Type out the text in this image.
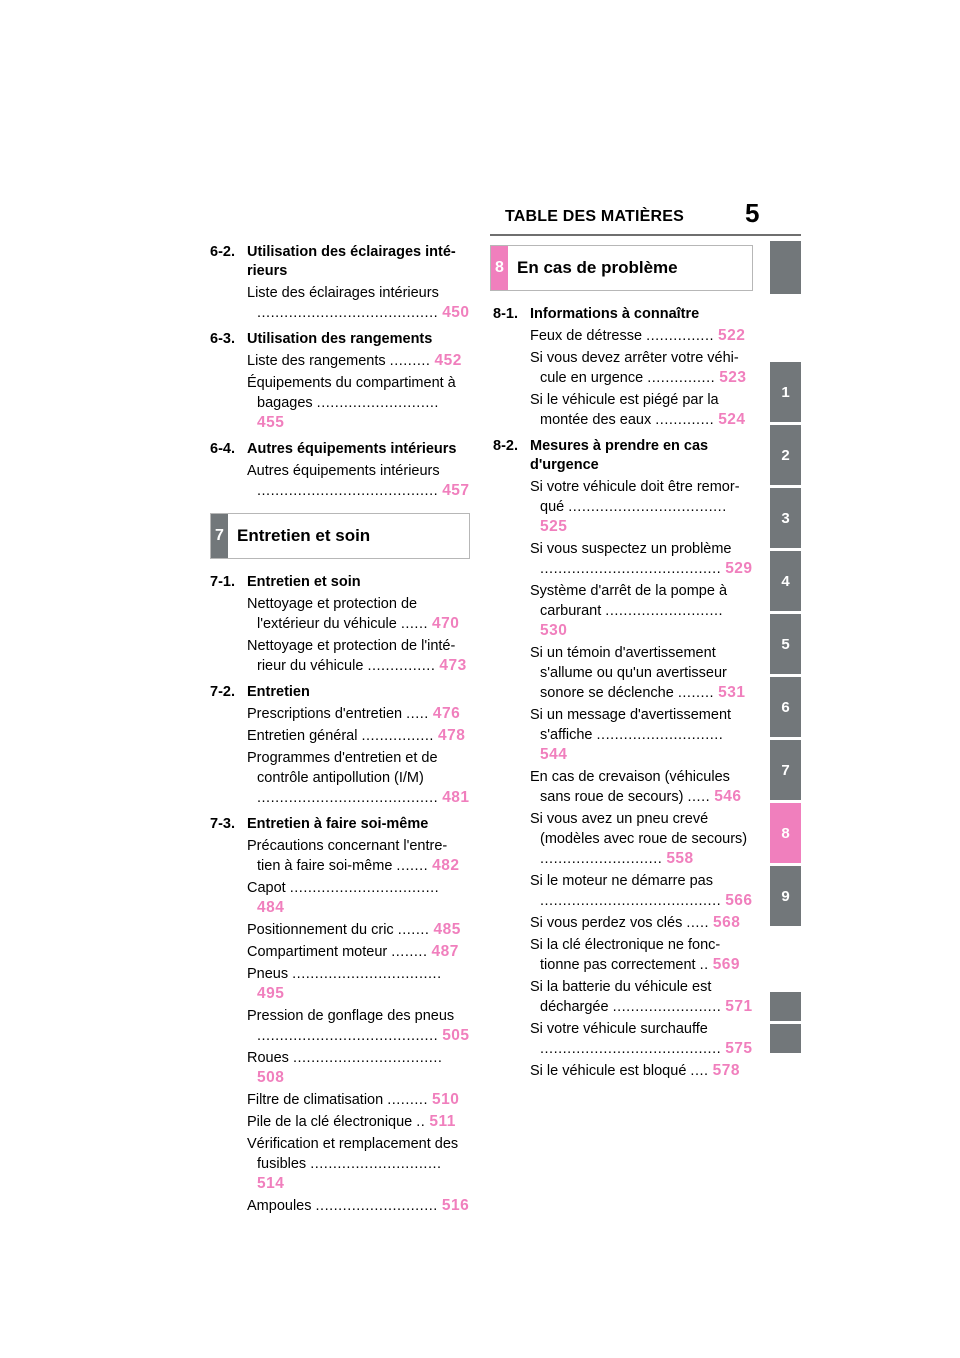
TABLE DES MATIÈRES 5
1
2
3
4
5
6
7
8
9
6-2. Utilisation des éclairages inté-rieurs
Liste des éclairages intérieurs ........................................ 450
6-3. Utilisation des rangements
Liste des rangements ......... 452
Équipements du compartiment à bagages ........................... 455
6-4. Autres équipements intérieurs
Autres équipements intérieurs ........................................ 457
7 Entretien et soin
7-1. Entretien et soin
Nettoyage et protection de l'extérieur du véhicule ...... 470
Nettoyage et protection de l'inté-rieur du véhicule ............... 473
7-2. Entretien
Prescriptions d'entretien ..... 476
Entretien général ................ 478
Programmes d'entretien et de contrôle antipollution (I/M) ........................................ 481
7-3. Entretien à faire soi-même
Précautions concernant l'entre-tien à faire soi-même ....... 482
Capot ................................. 484
Positionnement du cric ....... 485
Compartiment moteur ........ 487
Pneus ................................. 495
Pression de gonflage des pneus ........................................ 505
Roues ................................. 508
Filtre de climatisation ......... 510
Pile de la clé électronique .. 511
Vérification et remplacement des fusibles ............................. 514
Ampoules ........................... 516
8 En cas de problème
8-1. Informations à connaître
Feux de détresse ............... 522
Si vous devez arrêter votre véhi-cule en urgence ............... 523
Si le véhicule est piégé par la montée des eaux ............. 524
8-2. Mesures à prendre en cas d'urgence
Si votre véhicule doit être remor-qué ................................... 525
Si vous suspectez un problème ........................................ 529
Système d'arrêt de la pompe à carburant .......................... 530
Si un témoin d'avertissement s'allume ou qu'un avertisseur sonore se déclenche ........ 531
Si un message d'avertissement s'affiche ............................ 544
En cas de crevaison (véhicules sans roue de secours) ..... 546
Si vous avez un pneu crevé (modèles avec roue de secours) ........................... 558
Si le moteur ne démarre pas ........................................ 566
Si vous perdez vos clés ..... 568
Si la clé électronique ne fonc-tionne pas correctement .. 569
Si la batterie du véhicule est déchargée ........................ 571
Si votre véhicule surchauffe ........................................ 575
Si le véhicule est bloqué .... 578
